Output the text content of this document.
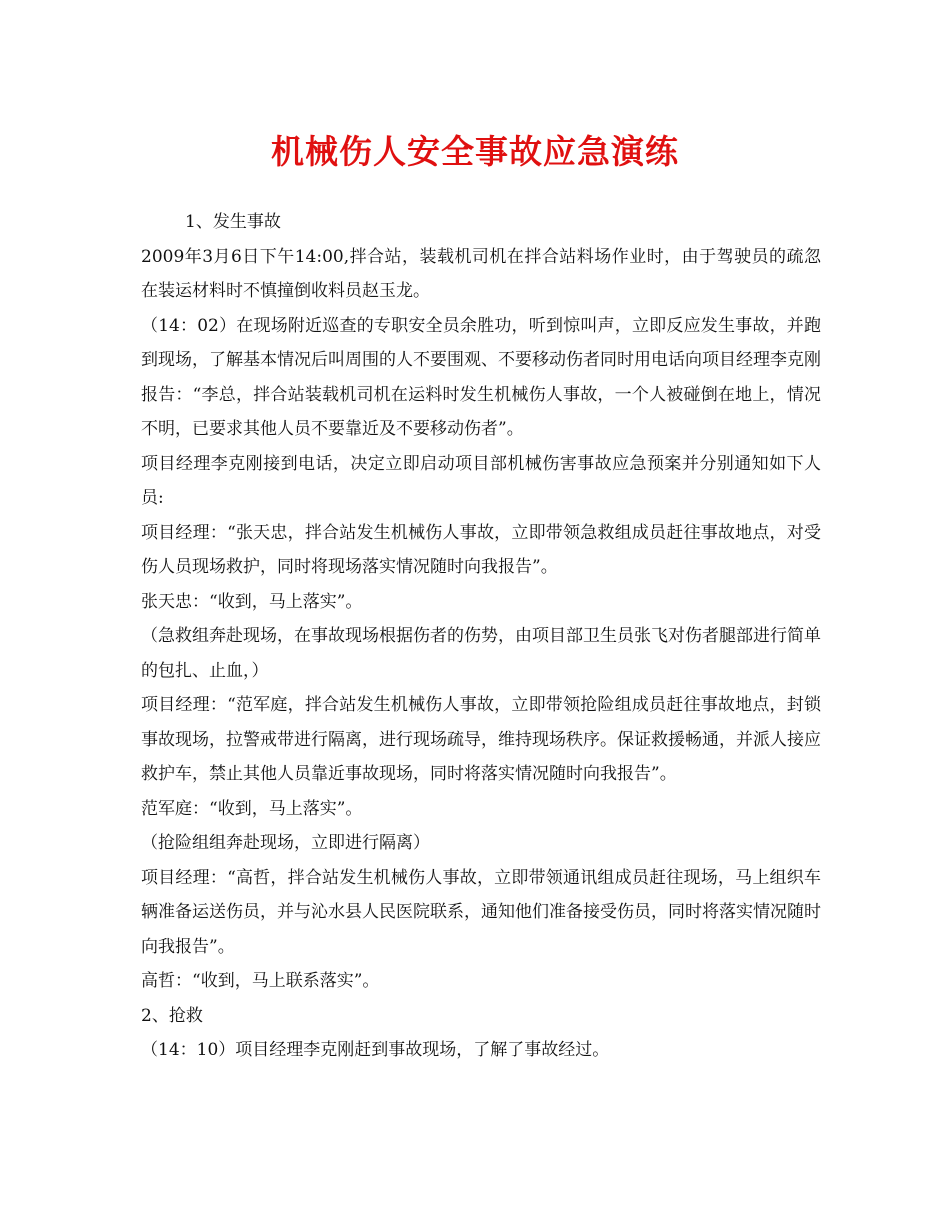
机械伤人安全事故应急演练

1、发生事故

2009年3月6日下午14:00,拌合站，装载机司机在拌合站料场作业时，由于驾驶员的疏忽在装运材料时不慎撞倒收料员赵玉龙。

（14：02）在现场附近巡查的专职安全员余胜功，听到惊叫声，立即反应发生事故，并跑到现场，了解基本情况后叫周围的人不要围观、不要移动伤者同时用电话向项目经理李克刚报告：“李总，拌合站装载机司机在运料时发生机械伤人事故，一个人被碰倒在地上，情况不明，已要求其他人员不要靠近及不要移动伤者”。

项目经理李克刚接到电话，决定立即启动项目部机械伤害事故应急预案并分别通知如下人员:

项目经理：“张天忠，拌合站发生机械伤人事故，立即带领急救组成员赶往事故地点，对受伤人员现场救护，同时将现场落实情况随时向我报告”。

张天忠：“收到，马上落实”。

（急救组奔赴现场，在事故现场根据伤者的伤势，由项目部卫生员张飞对伤者腿部进行简单的包扎、止血，）

项目经理：“范军庭，拌合站发生机械伤人事故，立即带领抢险组成员赶往事故地点，封锁事故现场，拉警戒带进行隔离，进行现场疏导，维持现场秩序。保证救援畅通，并派人接应救护车，禁止其他人员靠近事故现场，同时将落实情况随时向我报告”。

范军庭：“收到，马上落实”。

（抢险组组奔赴现场，立即进行隔离）

项目经理：“高哲，拌合站发生机械伤人事故，立即带领通讯组成员赶往现场，马上组织车辆准备运送伤员，并与沁水县人民医院联系，通知他们准备接受伤员，同时将落实情况随时向我报告”。

高哲：“收到，马上联系落实”。

2、抢救

（14：10）项目经理李克刚赶到事故现场，了解了事故经过。
